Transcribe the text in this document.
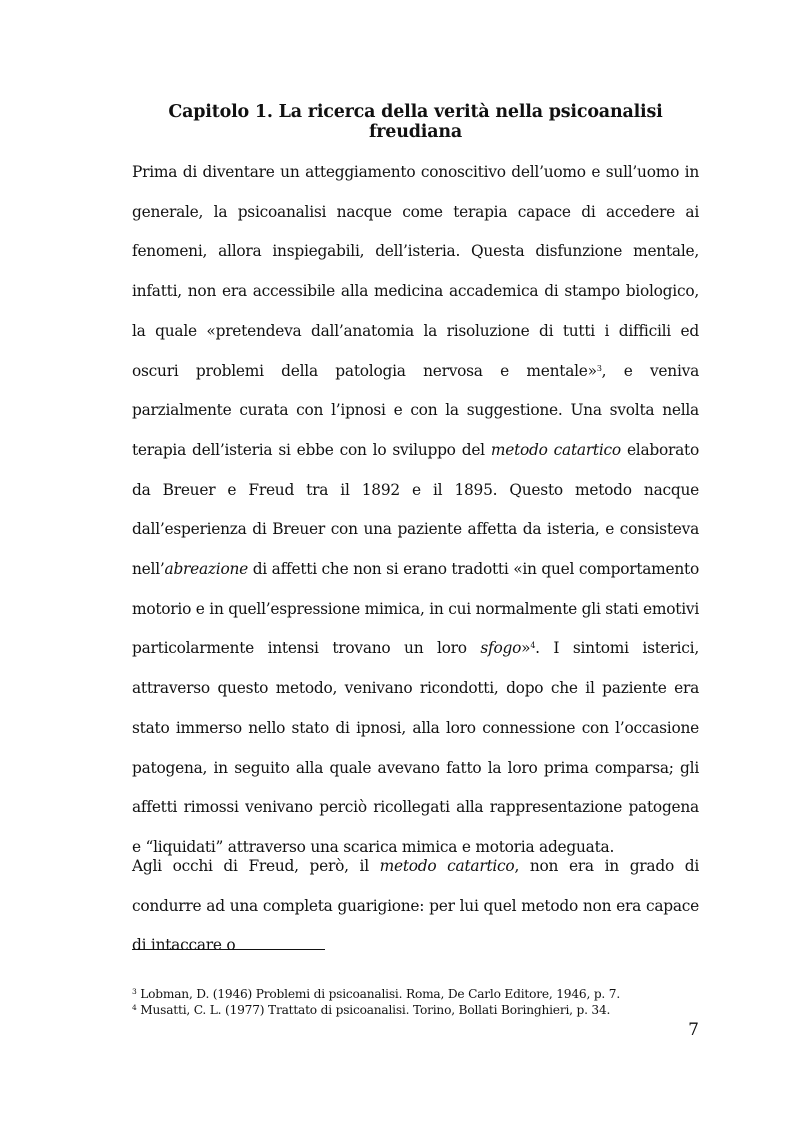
Capitolo 1. La ricerca della verità nella psicoanalisi freudiana

Prima di diventare un atteggiamento conoscitivo dell’uomo e sull’uomo in generale, la psicoanalisi nacque come terapia capace di accedere ai fenomeni, allora inspiegabili, dell’isteria. Questa disfunzione mentale, infatti, non era accessibile alla medicina accademica di stampo biologico, la quale «pretendeva dall’anatomia la risoluzione di tutti i difficili ed oscuri problemi della patologia nervosa e mentale»$^3$, e veniva parzialmente curata con l’ipnosi e con la suggestione. Una svolta nella terapia dell’isteria si ebbe con lo sviluppo del metodo catartico elaborato da Breuer e Freud tra il 1892 e il 1895. Questo metodo nacque dall’esperienza di Breuer con una paziente affetta da isteria, e consisteva nell’abreazione di affetti che non si erano tradotti «in quel comportamento motorio e in quell’espressione mimica, in cui normalmente gli stati emotivi particolarmente intensi trovano un loro sfogo»$^4$. I sintomi isterici, attraverso questo metodo, venivano ricondotti, dopo che il paziente era stato immerso nello stato di ipnosi, alla loro connessione con l’occasione patogena, in seguito alla quale avevano fatto la loro prima comparsa; gli affetti rimossi venivano perciò ricollegati alla rappresentazione patogena e “liquidati” attraverso una scarica mimica e motoria adeguata.

Agli occhi di Freud, però, il metodo catartico, non era in grado di condurre ad una completa guarigione: per lui quel metodo non era capace di intaccare o

$^3$ Lobman, D. (1946) Problemi di psicoanalisi. Roma, De Carlo Editore, 1946, p. 7.
$^4$ Musatti, C. L. (1977) Trattato di psicoanalisi. Torino, Bollati Boringhieri, p. 34.
7
